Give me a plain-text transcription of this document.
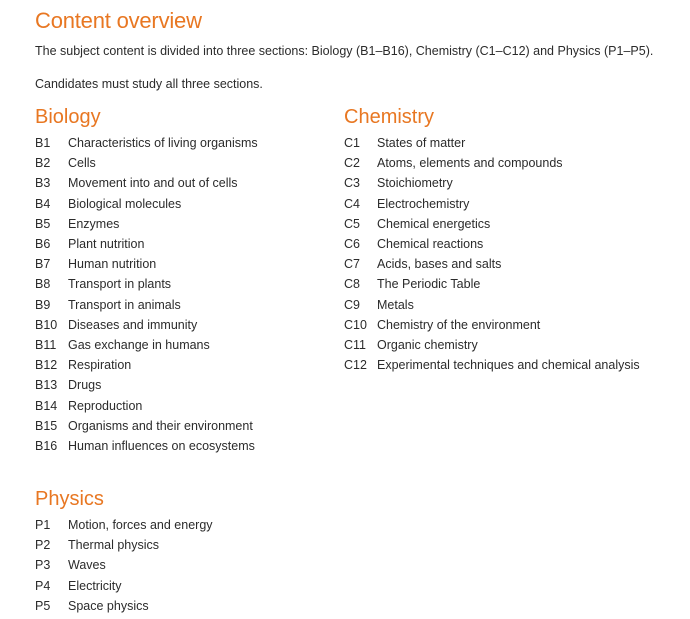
Content overview

The subject content is divided into three sections: Biology (B1–B16), Chemistry (C1–C12) and Physics (P1–P5).

Candidates must study all three sections.

Biology
B1	Characteristics of living organisms
B2	Cells
B3	Movement into and out of cells
B4	Biological molecules
B5	Enzymes
B6	Plant nutrition
B7	Human nutrition
B8	Transport in plants
B9	Transport in animals
B10 Diseases and immunity
B11 Gas exchange in humans
B12 Respiration
B13 Drugs
B14 Reproduction
B15 Organisms and their environment
B16 Human influences on ecosystems
Chemistry
C1	States of matter
C2	Atoms, elements and compounds
C3	Stoichiometry
C4	Electrochemistry
C5	Chemical energetics
C6	Chemical reactions
C7	Acids, bases and salts
C8	The Periodic Table
C9	Metals
C10 Chemistry of the environment
C11 Organic chemistry
C12 Experimental techniques and chemical analysis
Physics
P1	Motion, forces and energy
P2	Thermal physics
P3	Waves
P4	Electricity
P5	Space physics
